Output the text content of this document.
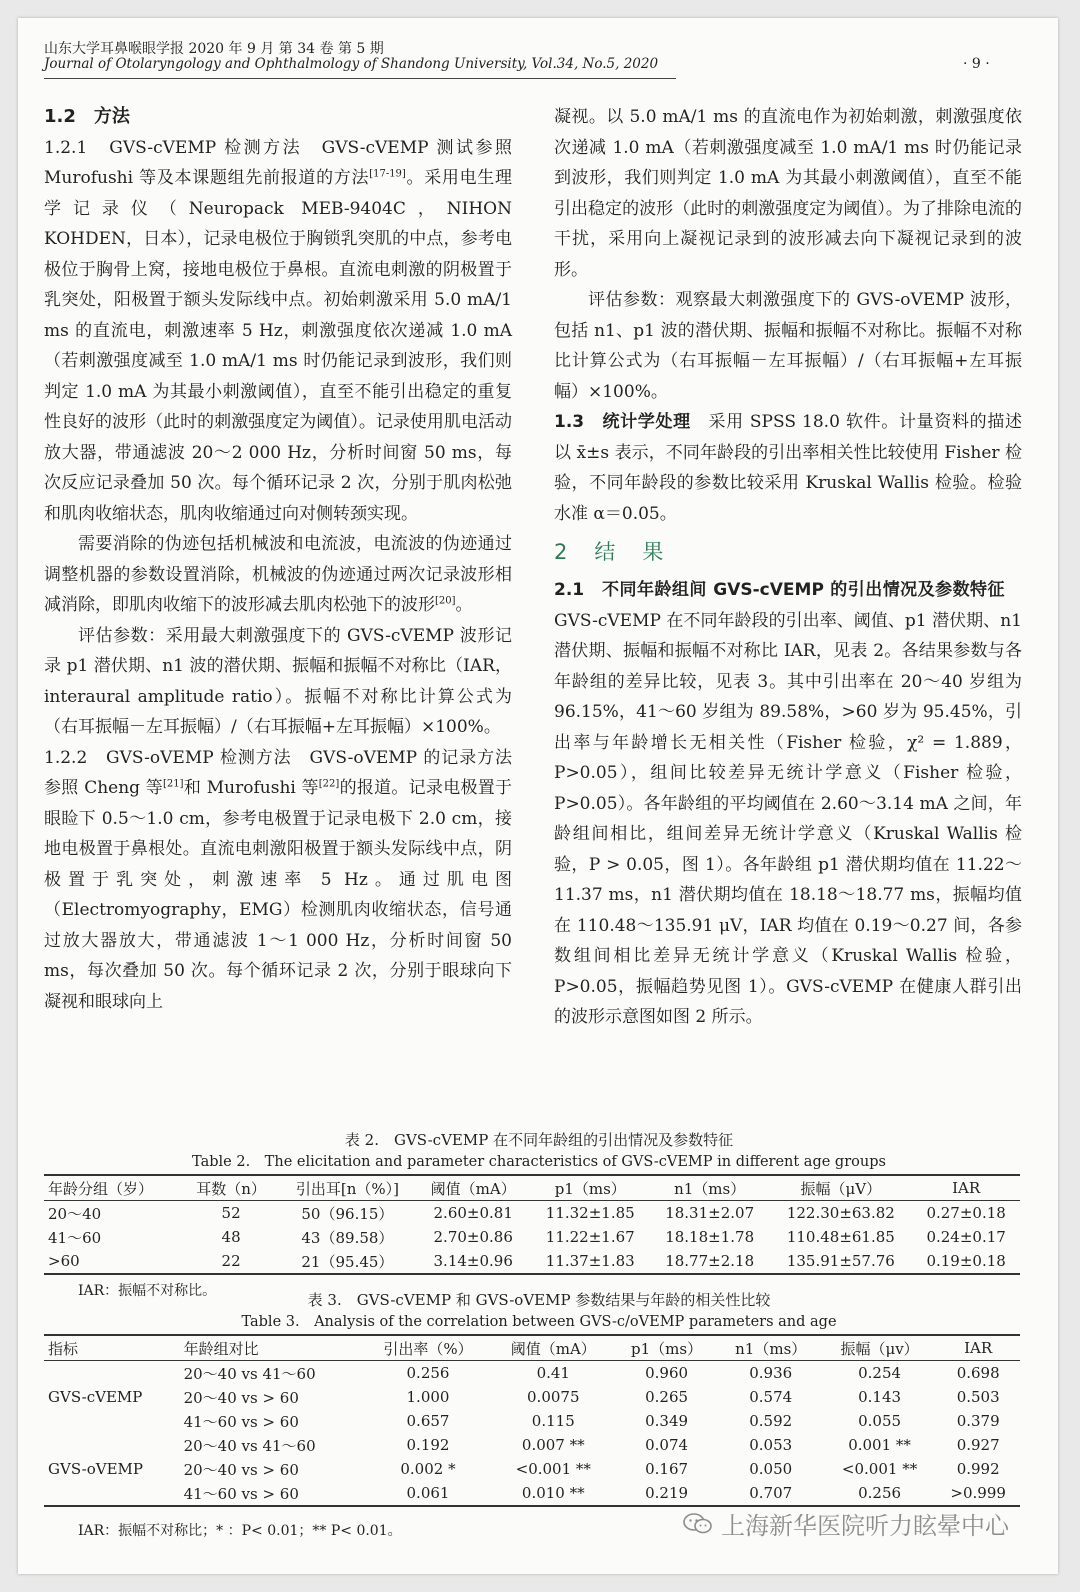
山东大学耳鼻喉眼学报 2020 年 9 月 第 34 卷 第 5 期
Journal of Otolaryngology and Ophthalmology of Shandong University, Vol.34, No.5, 2020	· 9 ·

1.2　方法

1.2.1　GVS-cVEMP 检测方法　GVS-cVEMP 测试参照 Murofushi 等及本课题组先前报道的方法[17-19]。采用电生理学记录仪（Neuropack MEB-9404C，NIHON KOHDEN，日本），记录电极位于胸锁乳突肌的中点，参考电极位于胸骨上窝，接地电极位于鼻根。直流电刺激的阴极置于乳突处，阳极置于额头发际线中点。初始刺激采用 5.0 mA/1 ms 的直流电，刺激速率 5 Hz，刺激强度依次递减 1.0 mA（若刺激强度减至 1.0 mA/1 ms 时仍能记录到波形，我们则判定 1.0 mA 为其最小刺激阈值），直至不能引出稳定的重复性良好的波形（此时的刺激强度定为阈值）。记录使用肌电活动放大器，带通滤波 20～2 000 Hz，分析时间窗 50 ms，每次反应记录叠加 50 次。每个循环记录 2 次，分别于肌肉松弛和肌肉收缩状态，肌肉收缩通过向对侧转颈实现。

需要消除的伪迹包括机械波和电流波，电流波的伪迹通过调整机器的参数设置消除，机械波的伪迹通过两次记录波形相减消除，即肌肉收缩下的波形减去肌肉松弛下的波形[20]。

评估参数：采用最大刺激强度下的 GVS-cVEMP 波形记录 p1 潜伏期、n1 波的潜伏期、振幅和振幅不对称比（IAR，interaural amplitude ratio）。振幅不对称比计算公式为（右耳振幅－左耳振幅）/（右耳振幅+左耳振幅）×100%。

1.2.2　GVS-oVEMP 检测方法　GVS-oVEMP 的记录方法参照 Cheng 等[21]和 Murofushi 等[22]的报道。记录电极置于眼睑下 0.5～1.0 cm，参考电极置于记录电极下 2.0 cm，接地电极置于鼻根处。直流电刺激阳极置于额头发际线中点，阴极置于乳突处，刺激速率 5 Hz。通过肌电图（Electromyography，EMG）检测肌肉收缩状态，信号通过放大器放大，带通滤波 1～1 000 Hz，分析时间窗 50 ms，每次叠加 50 次。每个循环记录 2 次，分别于眼球向下凝视和眼球向上

凝视。以 5.0 mA/1 ms 的直流电作为初始刺激，刺激强度依次递减 1.0 mA（若刺激强度减至 1.0 mA/1 ms 时仍能记录到波形，我们则判定 1.0 mA 为其最小刺激阈值），直至不能引出稳定的波形（此时的刺激强度定为阈值）。为了排除电流的干扰，采用向上凝视记录到的波形减去向下凝视记录到的波形。

评估参数：观察最大刺激强度下的 GVS-oVEMP 波形，包括 n1、p1 波的潜伏期、振幅和振幅不对称比。振幅不对称比计算公式为（右耳振幅－左耳振幅）/（右耳振幅+左耳振幅）×100%。

1.3　统计学处理　采用 SPSS 18.0 软件。计量资料的描述以 x̄±s 表示，不同年龄段的引出率相关性比较使用 Fisher 检验，不同年龄段的参数比较采用 Kruskal Wallis 检验。检验水准 α＝0.05。

2　结　果

2.1　不同年龄组间 GVS-cVEMP 的引出情况及参数特征　GVS-cVEMP 在不同年龄段的引出率、阈值、p1 潜伏期、n1 潜伏期、振幅和振幅不对称比 IAR，见表 2。各结果参数与各年龄组的差异比较，见表 3。其中引出率在 20～40 岁组为 96.15%，41～60 岁组为 89.58%，>60 岁为 95.45%，引出率与年龄增长无相关性（Fisher 检验，χ² = 1.889，P>0.05），组间比较差异无统计学意义（Fisher 检验，P>0.05）。各年龄组的平均阈值在 2.60～3.14 mA 之间，年龄组间相比，组间差异无统计学意义（Kruskal Wallis 检验，P > 0.05，图 1）。各年龄组 p1 潜伏期均值在 11.22～11.37 ms，n1 潜伏期均值在 18.18～18.77 ms，振幅均值在 110.48～135.91 μV，IAR 均值在 0.19～0.27 间，各参数组间相比差异无统计学意义（Kruskal Wallis 检验，P>0.05，振幅趋势见图 1）。GVS-cVEMP 在健康人群引出的波形示意图如图 2 所示。

表 2.　GVS-cVEMP 在不同年龄组的引出情况及参数特征
Table 2.　The elicitation and parameter characteristics of GVS-cVEMP in different age groups
年龄分组（岁）	耳数（n）	引出耳[n（%）]	阈值（mA）	p1（ms）	n1（ms）	振幅（μV）	IAR
20～40	52	50（96.15）	2.60±0.81	11.32±1.85	18.31±2.07	122.30±63.82	0.27±0.18
41～60	48	43（89.58）	2.70±0.86	11.22±1.67	18.18±1.78	110.48±61.85	0.24±0.17
>60	22	21（95.45）	3.14±0.96	11.37±1.83	18.77±2.18	135.91±57.76	0.19±0.18
IAR：振幅不对称比。	表 3.　GVS-cVEMP 和 GVS-oVEMP 参数结果与年龄的相关性比较
Table 3.　Analysis of the correlation between GVS-c/oVEMP parameters and age
指标	年龄组对比	引出率（%）	阈值（mA）	p1（ms）	n1（ms）	振幅（μv）	IAR
	20～40 vs 41～60	0.256	0.41	0.960	0.936	0.254	0.698
GVS-cVEMP	20～40 vs > 60	1.000	0.0075	0.265	0.574	0.143	0.503
	41～60 vs > 60	0.657	0.115	0.349	0.592	0.055	0.379
	20～40 vs 41～60	0.192	0.007 **	0.074	0.053	0.001 **	0.927
GVS-oVEMP	20～40 vs > 60	0.002 *	<0.001 **	0.167	0.050	<0.001 **	0.992
	41～60 vs > 60	0.061	0.010 **	0.219	0.707	0.256	>0.999
IAR：振幅不对称比；* ：P< 0.01；** P< 0.01。	上海新华医院听力眩晕中心
